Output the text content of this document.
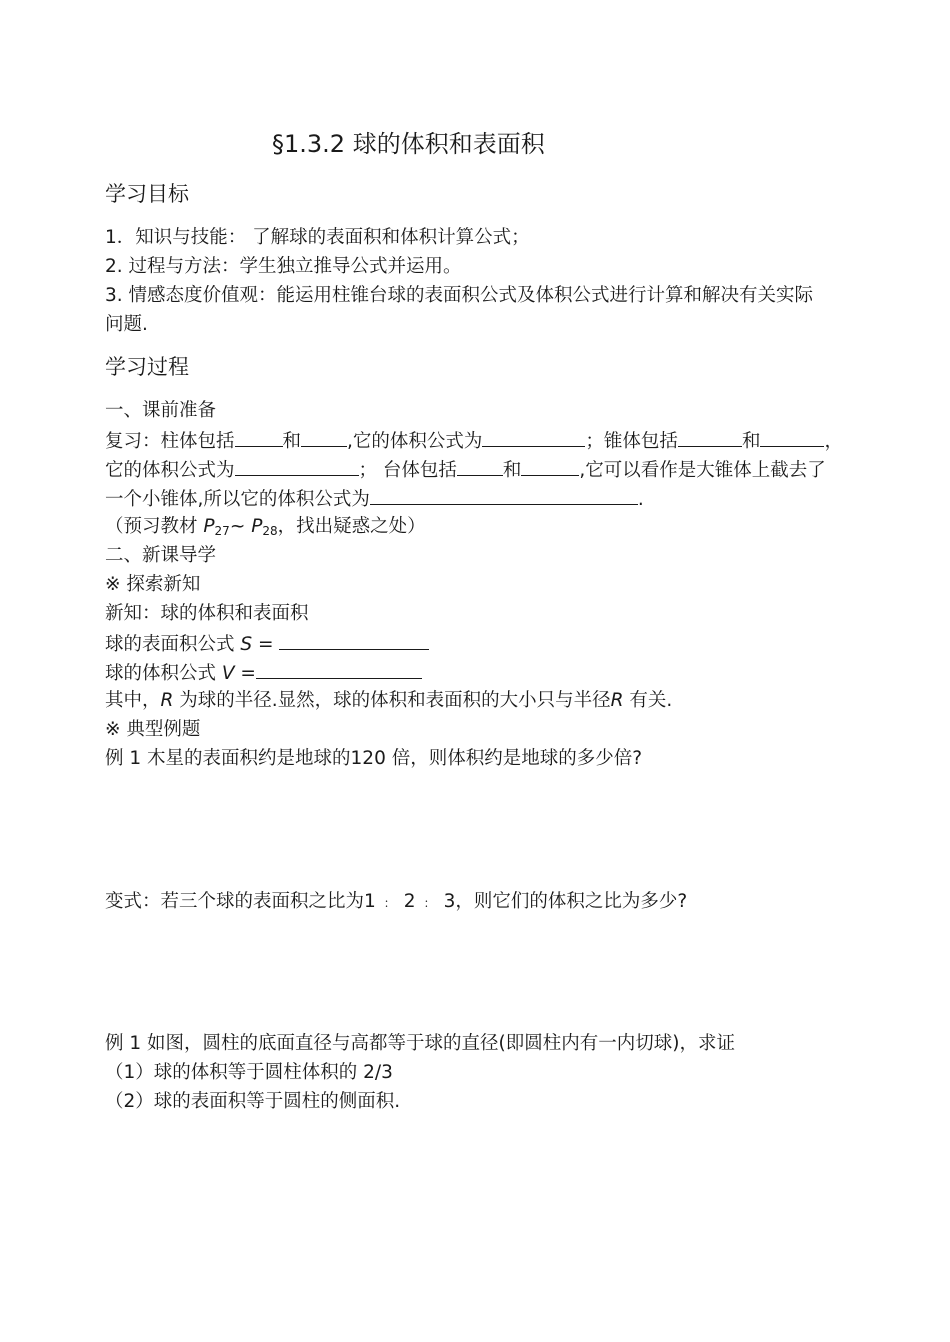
§1.3.2 球的体积和表面积
学习目标
1．知识与技能： 了解球的表面积和体积计算公式；
2. 过程与方法：学生独立推导公式并运用。
3. 情感态度价值观：能运用柱锥台球的表面积公式及体积公式进行计算和解决有关实际
问题.
学习过程
一、课前准备
复习：柱体包括	和 ,它的体积公式为	；锥体包括	和	，
它的体积公式为	； 台体包括 和	,它可以看作是大锥体上截去了
一个小锥体,所以它的体积公式为	.
（预习教材 P27~ P28，找出疑惑之处）
二、新课导学
※ 探索新知
新知：球的体积和表面积
球的表面积公式 S =
球的体积公式 V =
其中，R 为球的半径.显然，球的体积和表面积的大小只与半径R 有关.
※ 典型例题
例 1 木星的表面积约是地球的120 倍，则体积约是地球的多少倍?
变式：若三个球的表面积之比为1 ： 2 ： 3，则它们的体积之比为多少?
例 1 如图，圆柱的底面直径与高都等于球的直径(即圆柱内有一内切球)，求证
（1）球的体积等于圆柱体积的 2/3
（2）球的表面积等于圆柱的侧面积.
